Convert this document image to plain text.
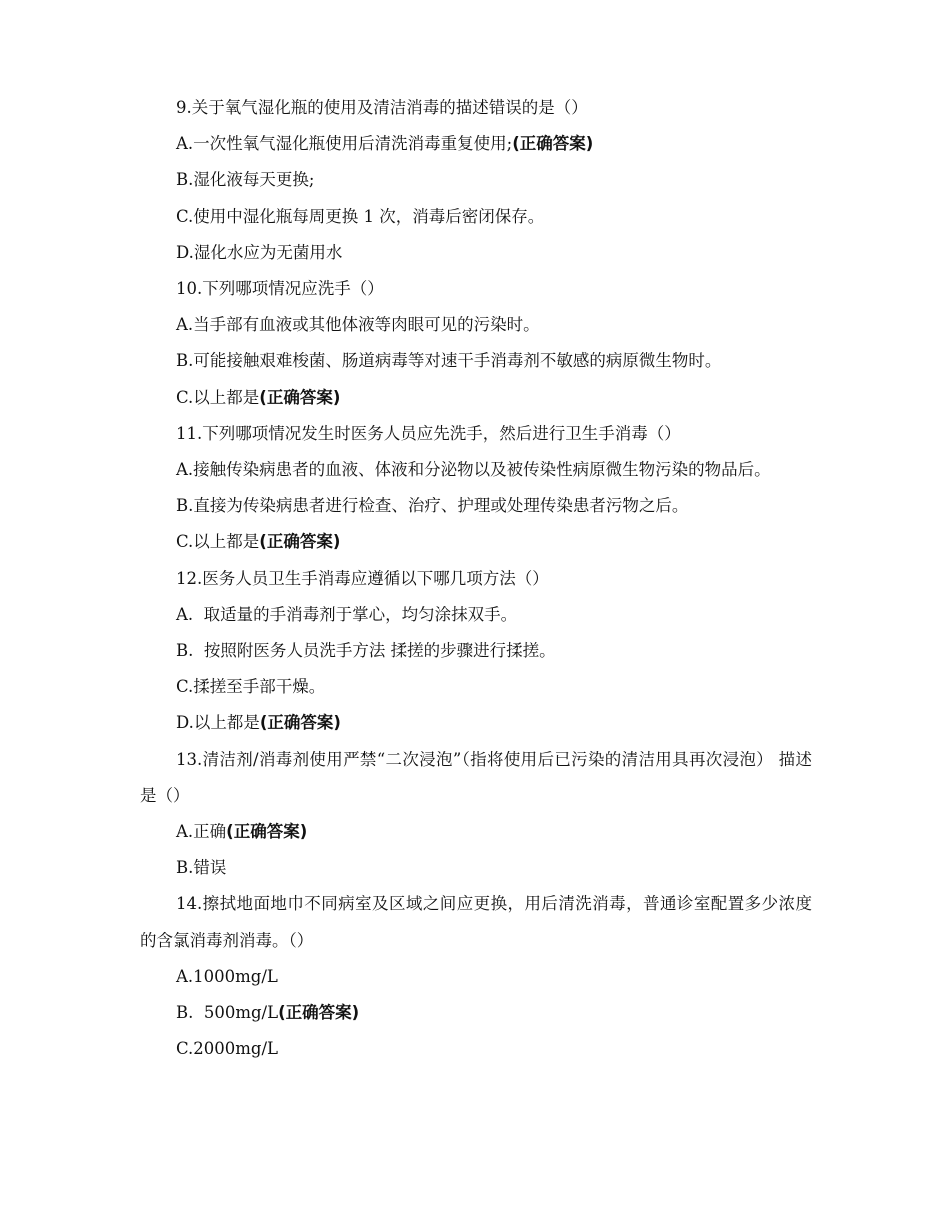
9.关于氧气湿化瓶的使用及清洁消毒的描述错误的是（）

A.一次性氧气湿化瓶使用后清洗消毒重复使用;(正确答案)

B.湿化液每天更换;

C.使用中湿化瓶每周更换 1 次，消毒后密闭保存。

D.湿化水应为无菌用水

10.下列哪项情况应洗手（）

A.当手部有血液或其他体液等肉眼可见的污染时。

B.可能接触艰难梭菌、肠道病毒等对速干手消毒剂不敏感的病原微生物时。

C.以上都是(正确答案)

11.下列哪项情况发生时医务人员应先洗手，然后进行卫生手消毒（）

A.接触传染病患者的血液、体液和分泌物以及被传染性病原微生物污染的物品后。

B.直接为传染病患者进行检查、治疗、护理或处理传染患者污物之后。

C.以上都是(正确答案)

12.医务人员卫生手消毒应遵循以下哪几项方法（）

A.  取适量的手消毒剂于掌心，均匀涂抹双手。

B.  按照附医务人员洗手方法 揉搓的步骤进行揉搓。

C.揉搓至手部干燥。

D.以上都是(正确答案)

13.清洁剂/消毒剂使用严禁“二次浸泡”（指将使用后已污染的清洁用具再次浸泡） 描述是（）

A.正确(正确答案)

B.错误

14.擦拭地面地巾不同病室及区域之间应更换，用后清洗消毒，普通诊室配置多少浓度的含氯消毒剂消毒。（）

A.1000mg/L

B.  500mg/L(正确答案)

C.2000mg/L
